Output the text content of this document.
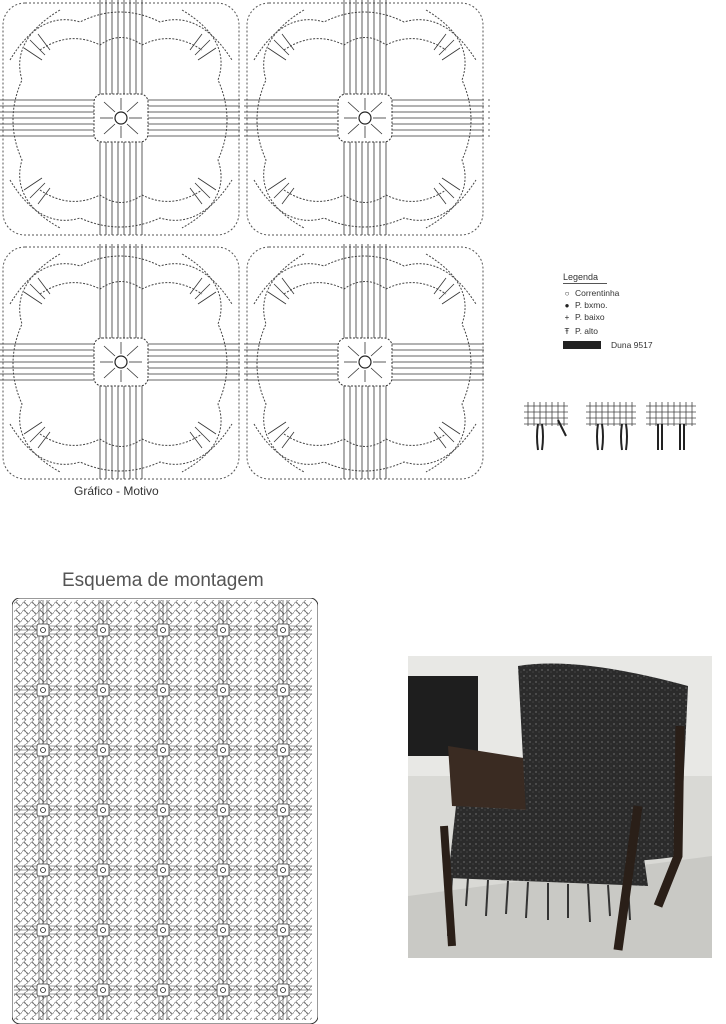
Gráfico - Motivo
Legenda
○ Correntinha
● P. bxmo.
+ P. baixo
Ŧ P. alto
Duna 9517
Esquema de montagem
